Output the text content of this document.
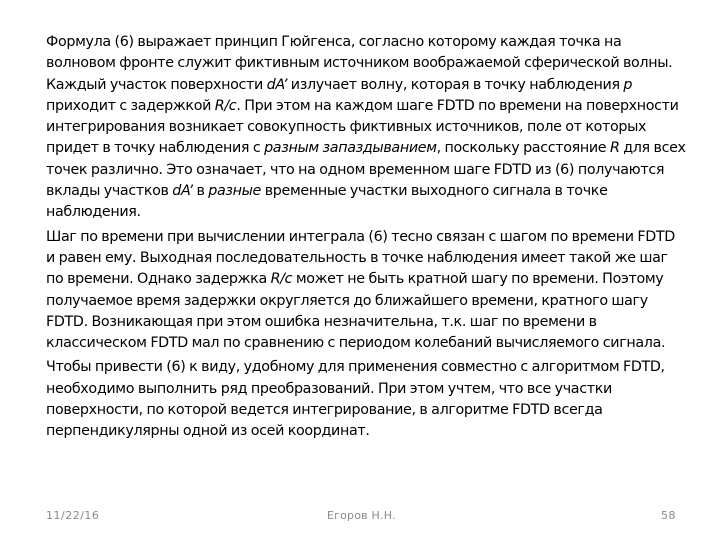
Формула (6) выражает принцип Гюйгенса, согласно которому каждая точка на волновом фронте служит фиктивным источником воображаемой сферической волны. Каждый участок поверхности dA’ излучает волну, которая в точку наблюдения p приходит с задержкой R/c. При этом на каждом шаге FDTD по времени на поверхности интегрирования возникает совокупность фиктивных источников, поле от которых придет в точку наблюдения с разным запаздыванием, поскольку расстояние R для всех точек различно. Это означает, что на одном временном шаге FDTD из (6) получаются вклады участков dA’ в разные временные участки выходного сигнала в точке наблюдения.

Шаг по времени при вычислении интеграла (6) тесно связан с шагом по времени FDTD и равен ему. Выходная последовательность в точке наблюдения имеет такой же шаг по времени. Однако задержка R/c может не быть кратной шагу по времени. Поэтому получаемое время задержки округляется до ближайшего времени, кратного шагу FDTD. Возникающая при этом ошибка незначительна, т.к. шаг по времени в классическом FDTD мал по сравнению с периодом колебаний вычисляемого сигнала.

Чтобы привести (6) к виду, удобному для применения совместно с алгоритмом FDTD, необходимо выполнить ряд преобразований. При этом учтем, что все участки поверхности, по которой ведется интегрирование, в алгоритме FDTD всегда перпендикулярны одной из осей координат.

11/22/16	Егоров Н.Н.	58
